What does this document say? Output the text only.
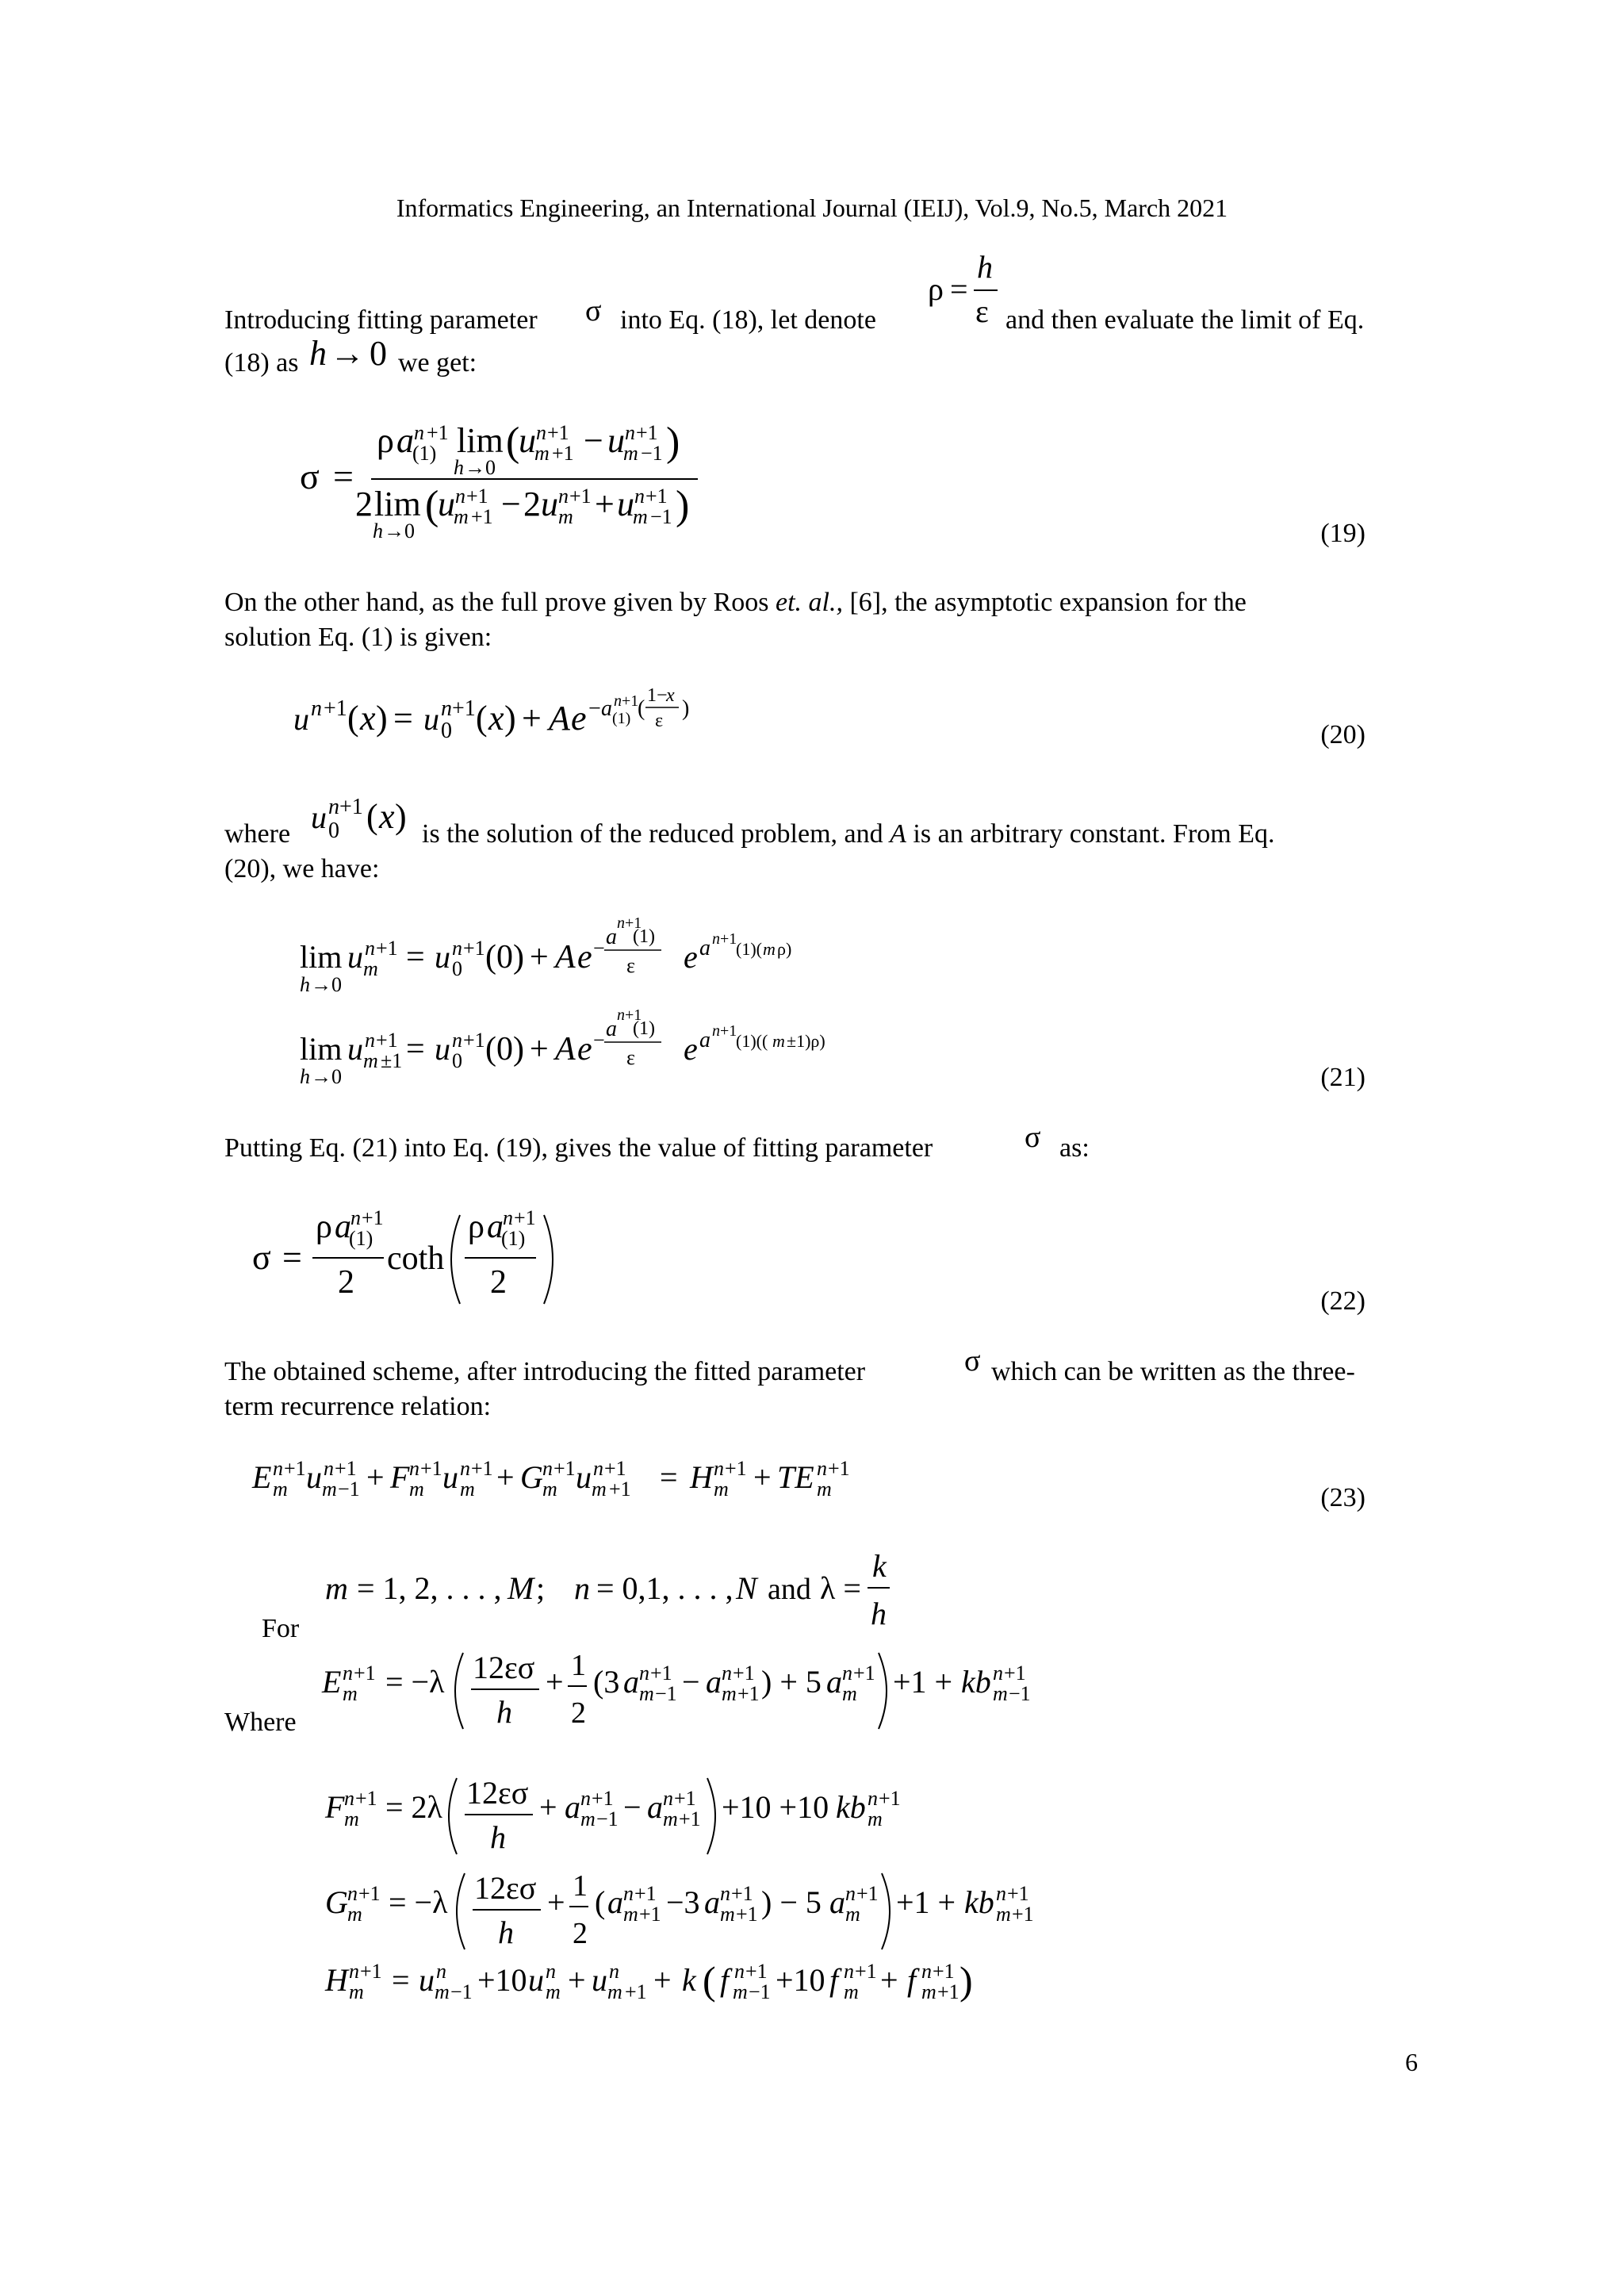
Informatics Engineering, an International Journal (IEIJ), Vol.9, No.5, March 2021
Introducing fitting parameter σ into Eq. (18), let denote
ρ =
h
ε and then evaluate the limit of Eq.
(18) as h → 0 we get:
σ =
ρ a n +1
(1) lim
h →0
(
u n +1
m +1 − u n +1
m −1 )
2 lim
h →0
(
u n +1
m +1 − 2 u n +1
m + u n +1
m −1 )
(19)
On the other hand, as the full prove given by Roos et. al., [6], the asymptotic expansion for the
solution Eq. (1) is given:
u n +1 ( x ) = u n +1
0 ( x ) + A e − a n +1
(1) (
1−
x
ε )
(20)
where u n +1
0 ( x ) is the solution of the reduced problem, and A is an arbitrary constant. From Eq.
(20), we have:
lim
h →0
u n +1
m = u n +1
0 (0) + A e − a
n +1
(1)
ε e a n +1
(1)( m ρ)
lim
h →0
u n +1
m ±1 = u n +1
0 (0) + A e − a
n +1
(1)
ε e a n +1
(1)(( m ±1)ρ)
(21)
Putting Eq. (21) into Eq. (19), gives the value of fitting parameter	σ as:
σ =
ρ a n +1
(1)
2
coth
ρ a n +1
(1)
2
(22)
The obtained scheme, after introducing the fitted parameter	σ which can be written as the three-
term recurrence relation:
E n +1
m u n +1
m −1 + F n +1
m u n +1
m + G n +1
m u n +1
m +1 = H n +1
m + TE n +1
m	(23)
For
m = 1, 2, . . . , M ; n = 0,1, . . . , N and λ =
k
h
Where
E n +1
m = −λ 12εσ
h
+ 1
2
(3 a n +1
m −1 − a n +1
m +1 ) + 5 a n +1
m +1 + kb n +1
m −1
F n +1
m = 2λ 12εσ
h
+ a n +1
m −1 − a n +1
m +1 +10 +10 kb n +1
m
G n +1
m = −λ 12εσ
h
+ 1
2
( a n +1
m +1 −3 a n +1
m +1 ) − 5 a n +1
m +1 + kb n +1
m +1
H n +1
m = u n
m −1 +10 u n
m + u n
m +1 + k ( f n +1
m −1 +10 f n +1
m + f n +1
m +1 )
6
